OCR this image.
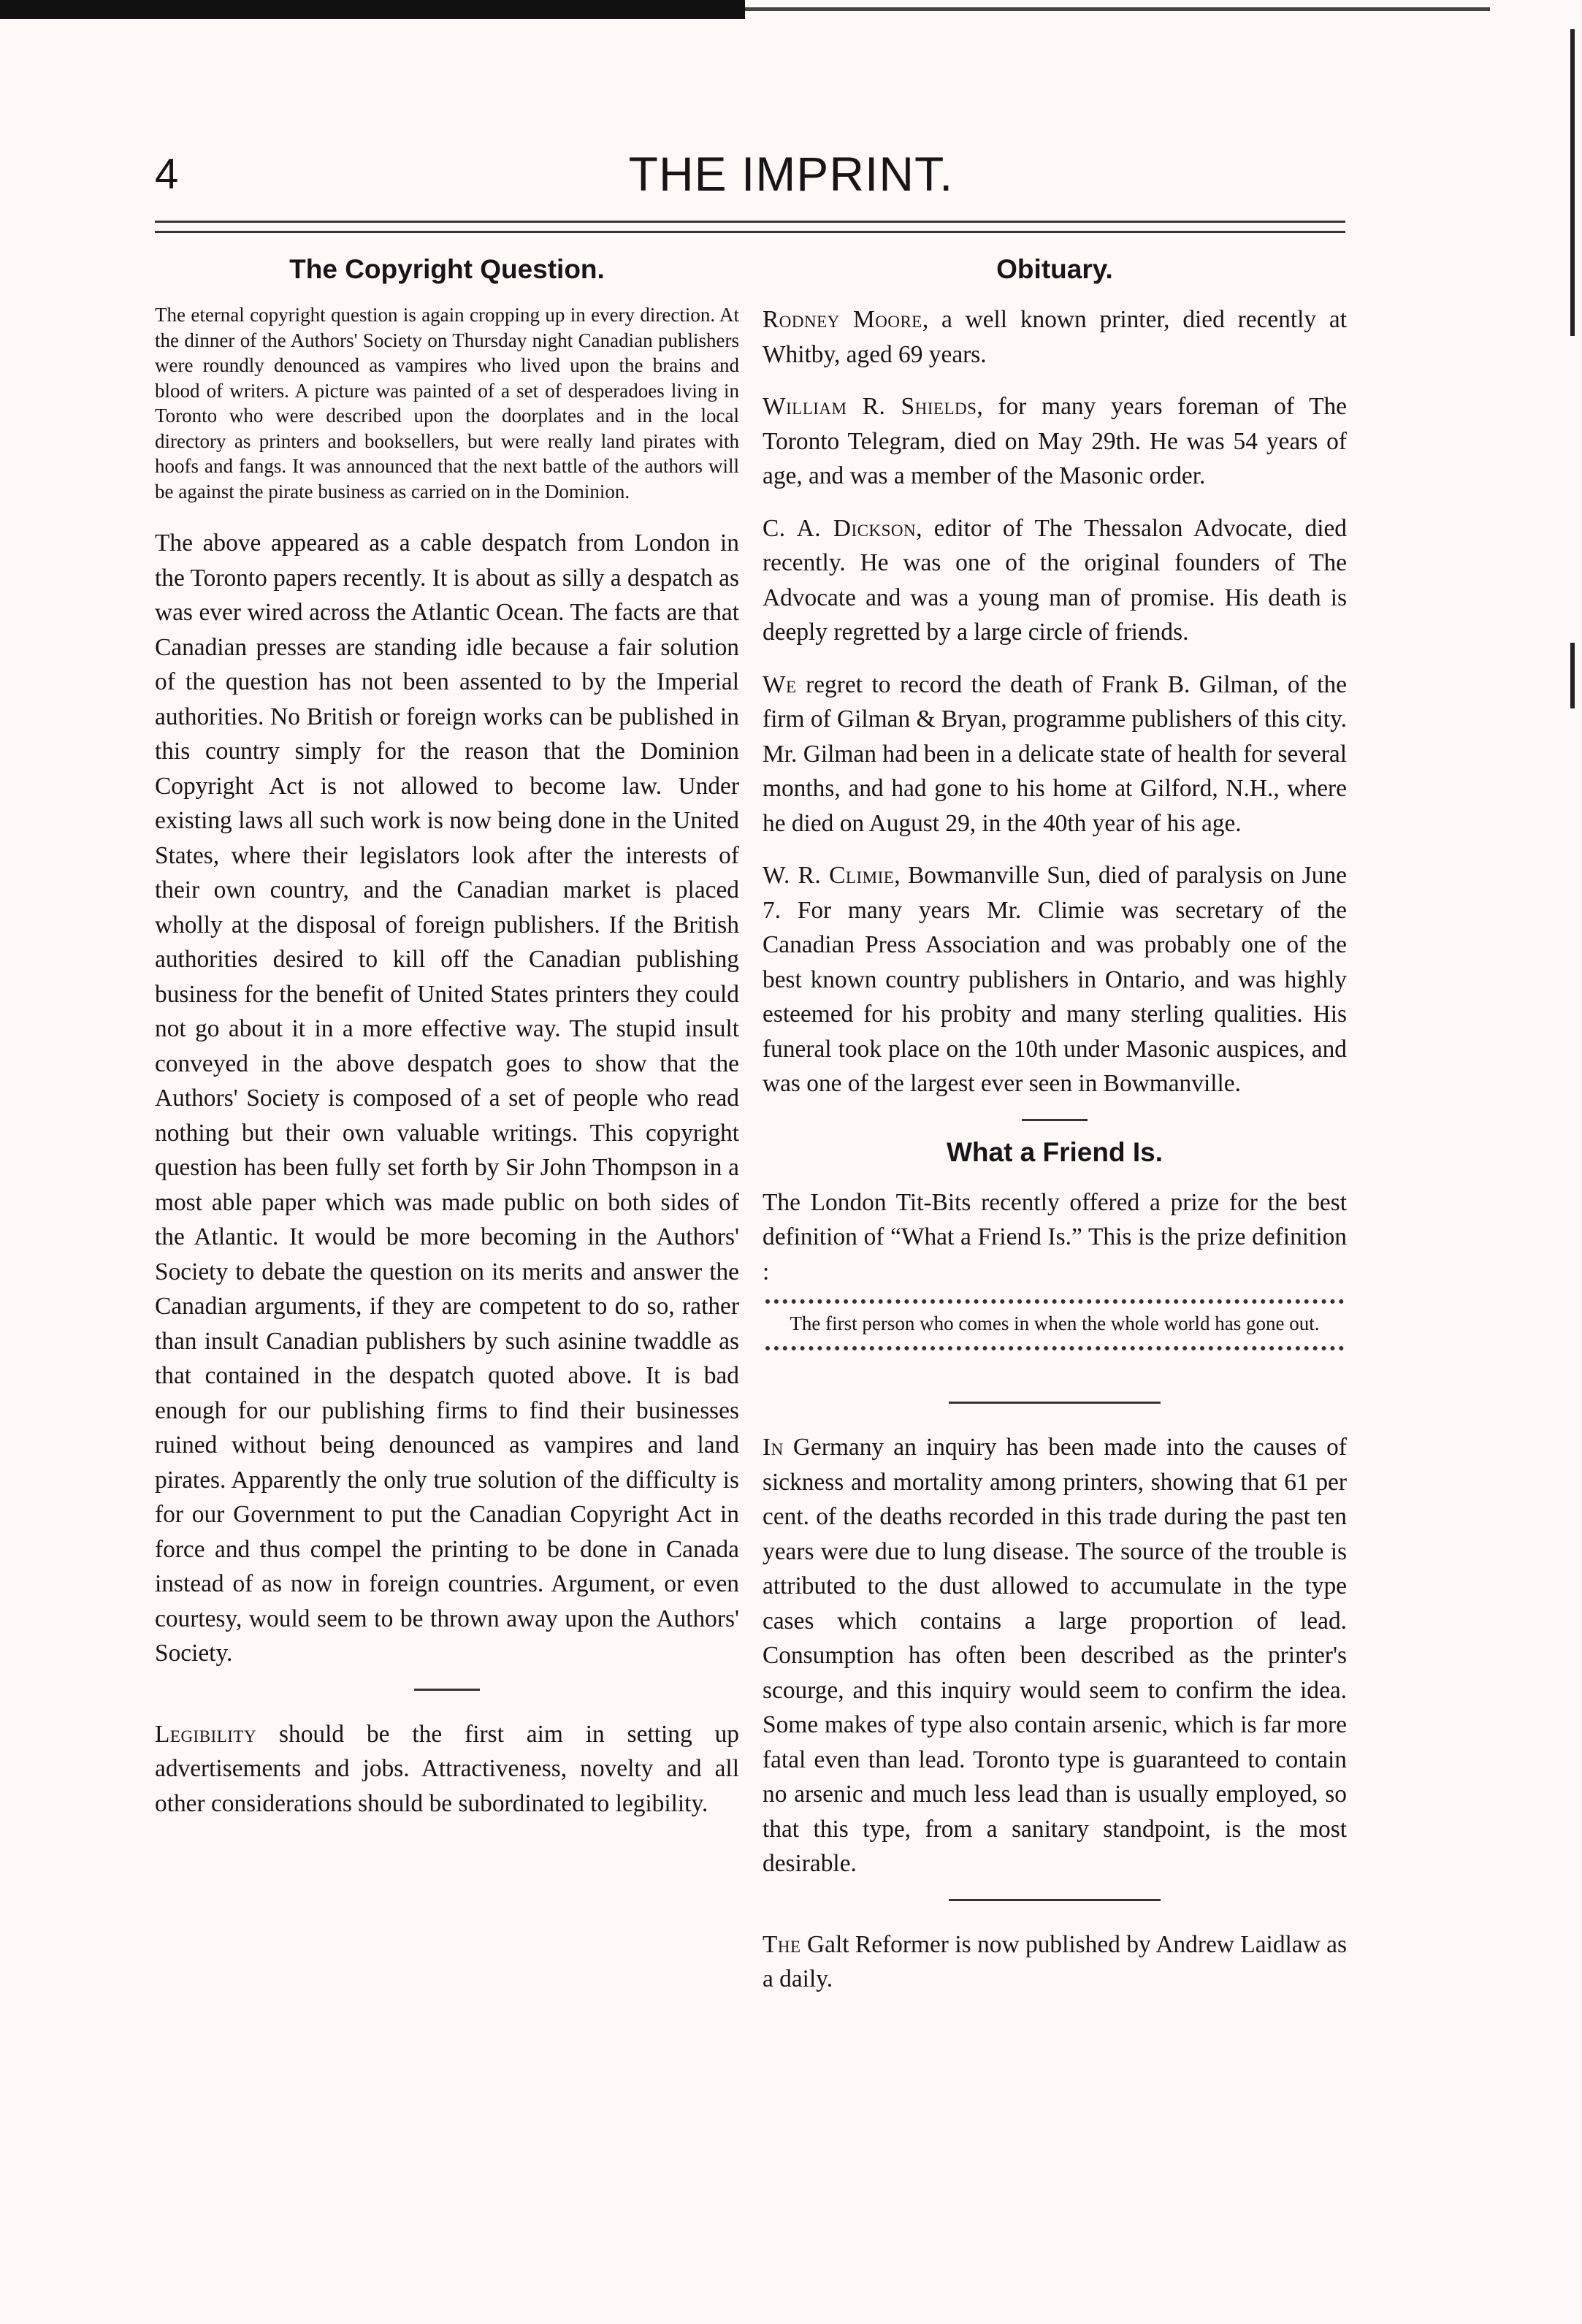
4	THE IMPRINT.
The Copyright Question.

The eternal copyright question is again cropping up in every direction. At the dinner of the Authors' Society on Thursday night Canadian publishers were roundly denounced as vampires who lived upon the brains and blood of writers. A picture was painted of a set of desperadoes living in Toronto who were described upon the doorplates and in the local directory as printers and booksellers, but were really land pirates with hoofs and fangs. It was announced that the next battle of the authors will be against the pirate business as carried on in the Dominion.

The above appeared as a cable despatch from London in the Toronto papers recently. It is about as silly a despatch as was ever wired across the Atlantic Ocean. The facts are that Canadian presses are standing idle because a fair solution of the question has not been assented to by the Imperial authorities. No British or foreign works can be published in this country simply for the reason that the Dominion Copyright Act is not allowed to become law. Under existing laws all such work is now being done in the United States, where their legislators look after the interests of their own country, and the Canadian market is placed wholly at the disposal of foreign publishers. If the British authorities desired to kill off the Canadian publishing business for the benefit of United States printers they could not go about it in a more effective way. The stupid insult conveyed in the above despatch goes to show that the Authors' Society is composed of a set of people who read nothing but their own valuable writings. This copyright question has been fully set forth by Sir John Thompson in a most able paper which was made public on both sides of the Atlantic. It would be more becoming in the Authors' Society to debate the question on its merits and answer the Canadian arguments, if they are competent to do so, rather than insult Canadian publishers by such asinine twaddle as that contained in the despatch quoted above. It is bad enough for our publishing firms to find their businesses ruined without being denounced as vampires and land pirates. Apparently the only true solution of the difficulty is for our Government to put the Canadian Copyright Act in force and thus compel the printing to be done in Canada instead of as now in foreign countries. Argument, or even courtesy, would seem to be thrown away upon the Authors' Society.

Legibility should be the first aim in setting up advertisements and jobs. Attractiveness, novelty and all other considerations should be subordinated to legibility.

Obituary.

Rodney Moore, a well known printer, died recently at Whitby, aged 69 years.

William R. Shields, for many years foreman of The Toronto Telegram, died on May 29th. He was 54 years of age, and was a member of the Masonic order.

C. A. Dickson, editor of The Thessalon Advocate, died recently. He was one of the original founders of The Advocate and was a young man of promise. His death is deeply regretted by a large circle of friends.

We regret to record the death of Frank B. Gilman, of the firm of Gilman & Bryan, programme publishers of this city. Mr. Gilman had been in a delicate state of health for several months, and had gone to his home at Gilford, N.H., where he died on August 29, in the 40th year of his age.

W. R. Climie, Bowmanville Sun, died of paralysis on June 7. For many years Mr. Climie was secretary of the Canadian Press Association and was probably one of the best known country publishers in Ontario, and was highly esteemed for his probity and many sterling qualities. His funeral took place on the 10th under Masonic auspices, and was one of the largest ever seen in Bowmanville.

What a Friend Is.

The London Tit-Bits recently offered a prize for the best definition of “What a Friend Is.” This is the prize definition :

The first person who comes in when the whole world has gone out.

In Germany an inquiry has been made into the causes of sickness and mortality among printers, showing that 61 per cent. of the deaths recorded in this trade during the past ten years were due to lung disease. The source of the trouble is attributed to the dust allowed to accumulate in the type cases which contains a large proportion of lead. Consumption has often been described as the printer's scourge, and this inquiry would seem to confirm the idea. Some makes of type also contain arsenic, which is far more fatal even than lead. Toronto type is guaranteed to contain no arsenic and much less lead than is usually employed, so that this type, from a sanitary standpoint, is the most desirable.

The Galt Reformer is now published by Andrew Laidlaw as a daily.
